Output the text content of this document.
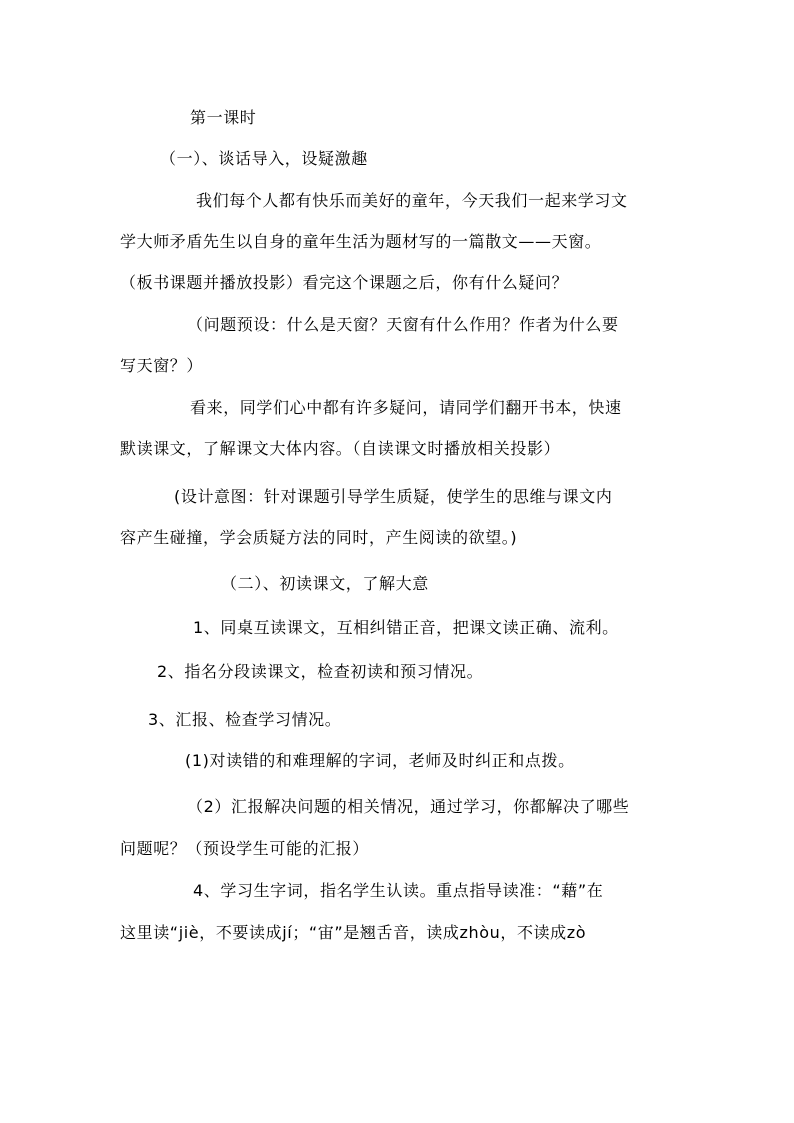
第一课时
（一）、谈话导入，设疑激趣
我们每个人都有快乐而美好的童年，今天我们一起来学习文
学大师矛盾先生以自身的童年生活为题材写的一篇散文——天窗。
（板书课题并播放投影）看完这个课题之后，你有什么疑问？
（问题预设：什么是天窗？天窗有什么作用？作者为什么要
写天窗？）
看来，同学们心中都有许多疑问，请同学们翻开书本，快速
默读课文，了解课文大体内容。（自读课文时播放相关投影）
(设计意图：针对课题引导学生质疑，使学生的思维与课文内
容产生碰撞，学会质疑方法的同时，产生阅读的欲望。)
（二）、初读课文，了解大意
1、同桌互读课文，互相纠错正音，把课文读正确、流利。
2、指名分段读课文，检查初读和预习情况。
3、汇报、检查学习情况。
(1)对读错的和难理解的字词，老师及时纠正和点拨。
（2）汇报解决问题的相关情况，通过学习，你都解决了哪些
问题呢？（预设学生可能的汇报）
4、学习生字词，指名学生认读。重点指导读准：“藉”在
这里读“jiè，不要读成jí；“宙”是翘舌音，读成zhòu，不读成zò
